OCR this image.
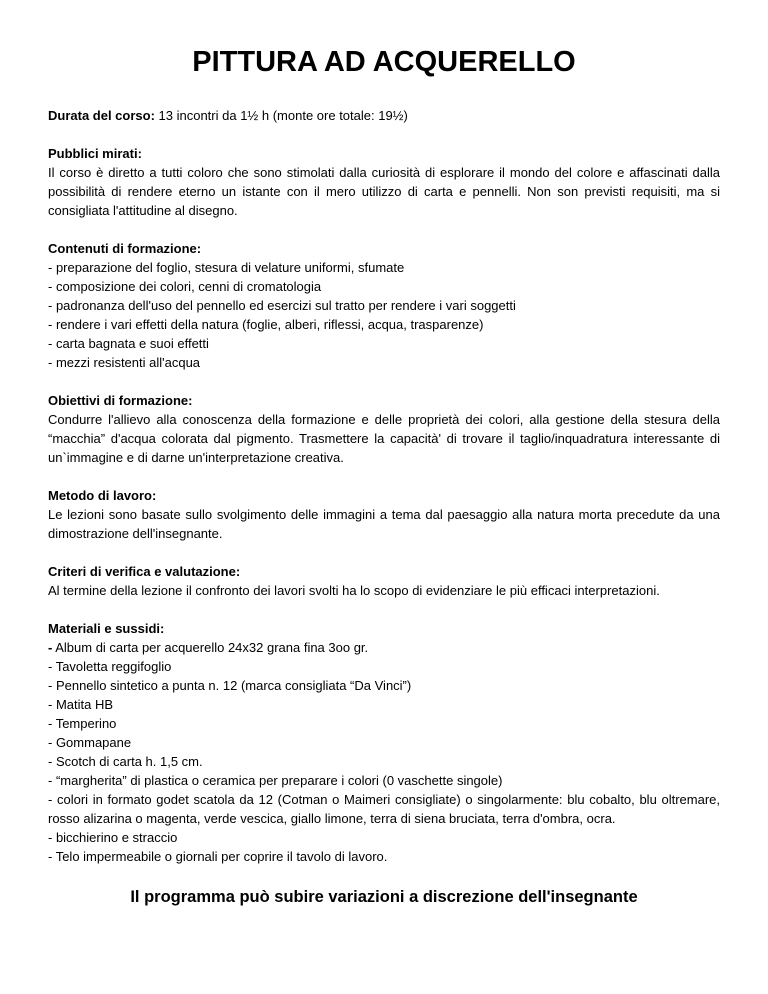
PITTURA AD ACQUERELLO

Durata del corso: 13 incontri da 1½ h (monte ore totale: 19½)

Pubblici mirati:

Il corso è diretto a tutti coloro che sono stimolati dalla curiosità di esplorare il mondo del colore e affascinati dalla possibilità di rendere eterno un istante con il mero utilizzo di carta e pennelli. Non son previsti requisiti, ma si consigliata l'attitudine al disegno.

Contenuti di formazione:
- preparazione del foglio, stesura di velature uniformi, sfumate
- composizione dei colori, cenni di cromatologia
- padronanza dell'uso del pennello ed esercizi sul tratto per rendere i vari soggetti
- rendere i vari effetti della natura (foglie, alberi, riflessi, acqua, trasparenze)
- carta bagnata e suoi effetti
- mezzi resistenti all'acqua
Obiettivi di formazione:

Condurre l'allievo alla conoscenza della formazione e delle proprietà dei colori, alla gestione della stesura della “macchia” d'acqua colorata dal pigmento. Trasmettere la capacità' di trovare il taglio/inquadratura interessante di un`immagine e di darne un'interpretazione creativa.

Metodo di lavoro:

Le lezioni sono basate sullo svolgimento delle immagini a tema dal paesaggio alla natura morta precedute da una dimostrazione dell'insegnante.

Criteri di verifica e valutazione:

Al termine della lezione il confronto dei lavori svolti ha lo scopo di evidenziare le più efficaci interpretazioni.

Materiali e sussidi:
- Album di carta per acquerello 24x32 grana fina 3oo gr.
- Tavoletta reggifoglio
- Pennello sintetico a punta n. 12 (marca consigliata “Da Vinci”)
- Matita HB
- Temperino
- Gommapane
- Scotch di carta h. 1,5 cm.
- “margherita” di plastica o ceramica per preparare i colori (0 vaschette singole)

- colori in formato godet scatola da 12 (Cotman o Maimeri consigliate) o singolarmente: blu cobalto, blu oltremare, rosso alizarina o magenta, verde vescica, giallo limone, terra di siena bruciata, terra d'ombra, ocra.

- bicchierino e straccio
- Telo impermeabile o giornali per coprire il tavolo di lavoro.
Il programma può subire variazioni a discrezione dell'insegnante
